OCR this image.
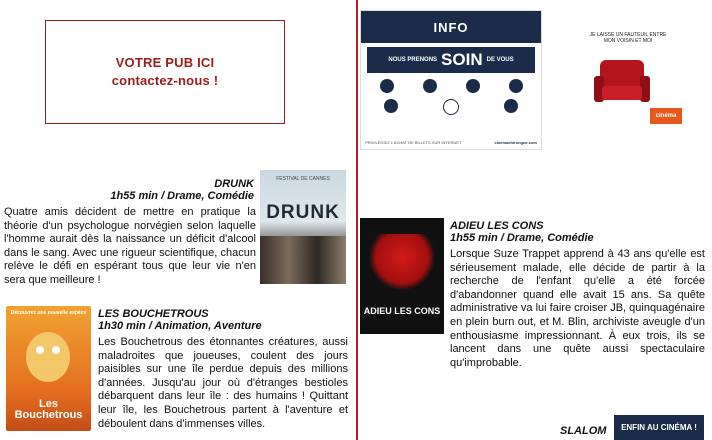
VOTRE PUB ICI
contactez-nous !
DRUNK
1h55 min / Drame, Comédie
Quatre amis décident de mettre en pratique la théorie d'un psychologue norvégien selon laquelle l'homme aurait dès la naissance un déficit d'alcool dans le sang. Avec une rigueur scientifique, chacun relève le défi en espérant tous que leur vie n'en sera que meilleure !
FESTIVAL DE CANNES
DRUNK
Découvrez une nouvelle espèce
Les Bouchetrous
LES BOUCHETROUS
1h30 min / Animation, Aventure
Les Bouchetrous des étonnantes créatures, aussi maladroites que joueuses, coulent des jours paisibles sur une île perdue depuis des millions d'années. Jusqu'au jour où d'étranges bestioles débarquent dans leur île : des humains ! Quittant leur île, les Bouchetrous partent à l'aventure et déboulent dans d'immenses villes.
INFO
NOUS PRENONS SOIN DE VOUS
PRIVILÉGIEZ L'ACHAT DE BILLETS SUR INTERNET	cinemachirongue.com
JE LAISSE UN FAUTEUIL ENTRE MON VOISIN ET MOI
cinéma
ADIEU LES CONS
ADIEU LES CONS
1h55 min / Drame, Comédie
Lorsque Suze Trappet apprend à 43 ans qu'elle est sérieusement malade, elle décide de partir à la recherche de l'enfant qu'elle a été forcée d'abandonner quand elle avait 15 ans. Sa quête administrative va lui faire croiser JB, quinquagénaire en plein burn out, et M. Blin, archiviste aveugle d'un enthousiasme impressionnant. À eux trois, ils se lancent dans une quête aussi spectaculaire qu'improbable.
SLALOM	ENFIN AU CINÉMA !
